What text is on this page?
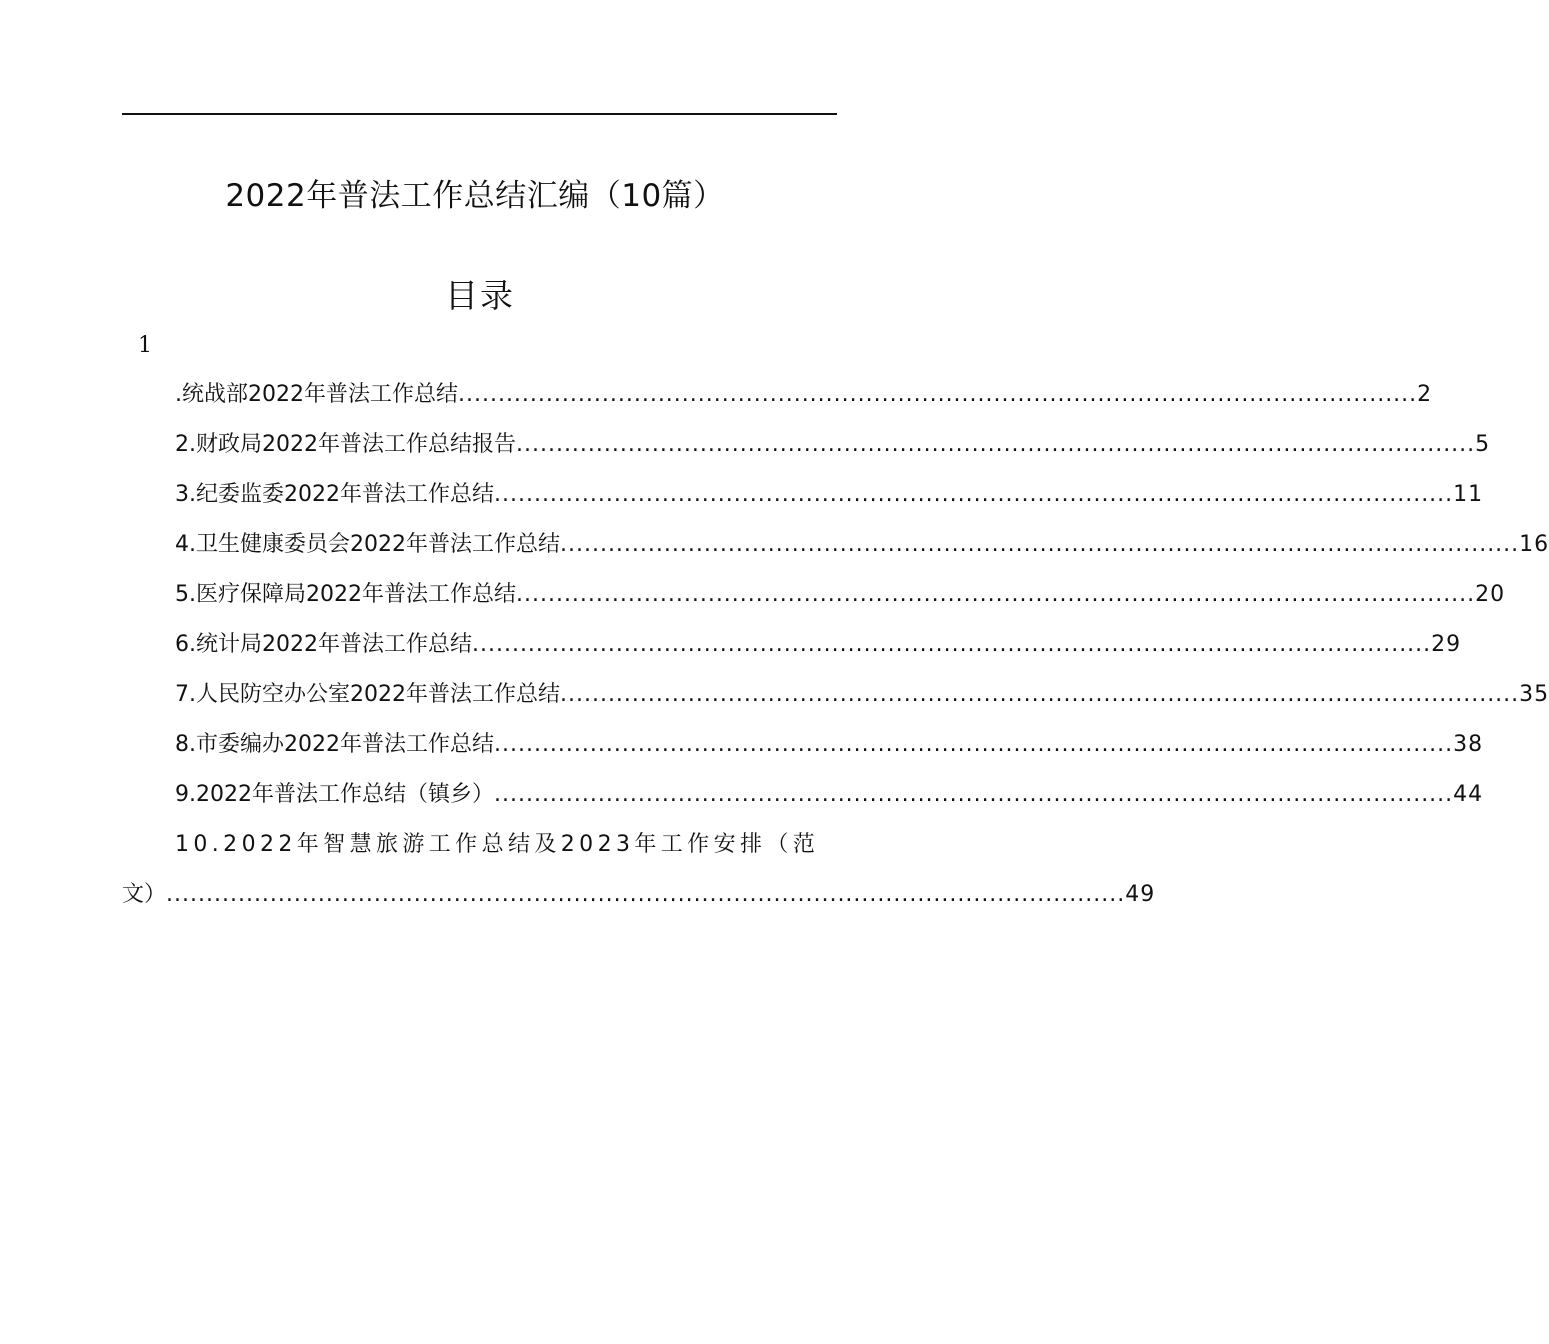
2022年普法工作总结汇编（10篇）
目录
1
.统战部2022年普法工作总结 ........................................................................................................................ 2
2.财政局2022年普法工作总结报告 ........................................................................................................................ 5
3.纪委监委2022年普法工作总结 ........................................................................................................................ 11
4.卫生健康委员会2022年普法工作总结 ........................................................................................................................ 16
5.医疗保障局2022年普法工作总结 ........................................................................................................................ 20
6.统计局2022年普法工作总结 ........................................................................................................................ 29
7.人民防空办公室2022年普法工作总结 ........................................................................................................................ 35
8.市委编办2022年普法工作总结 ........................................................................................................................ 38
9.2022年普法工作总结（镇乡） ........................................................................................................................ 44
10.2022年智慧旅游工作总结及2023年工作安排（范
文） ........................................................................................................................ 49
